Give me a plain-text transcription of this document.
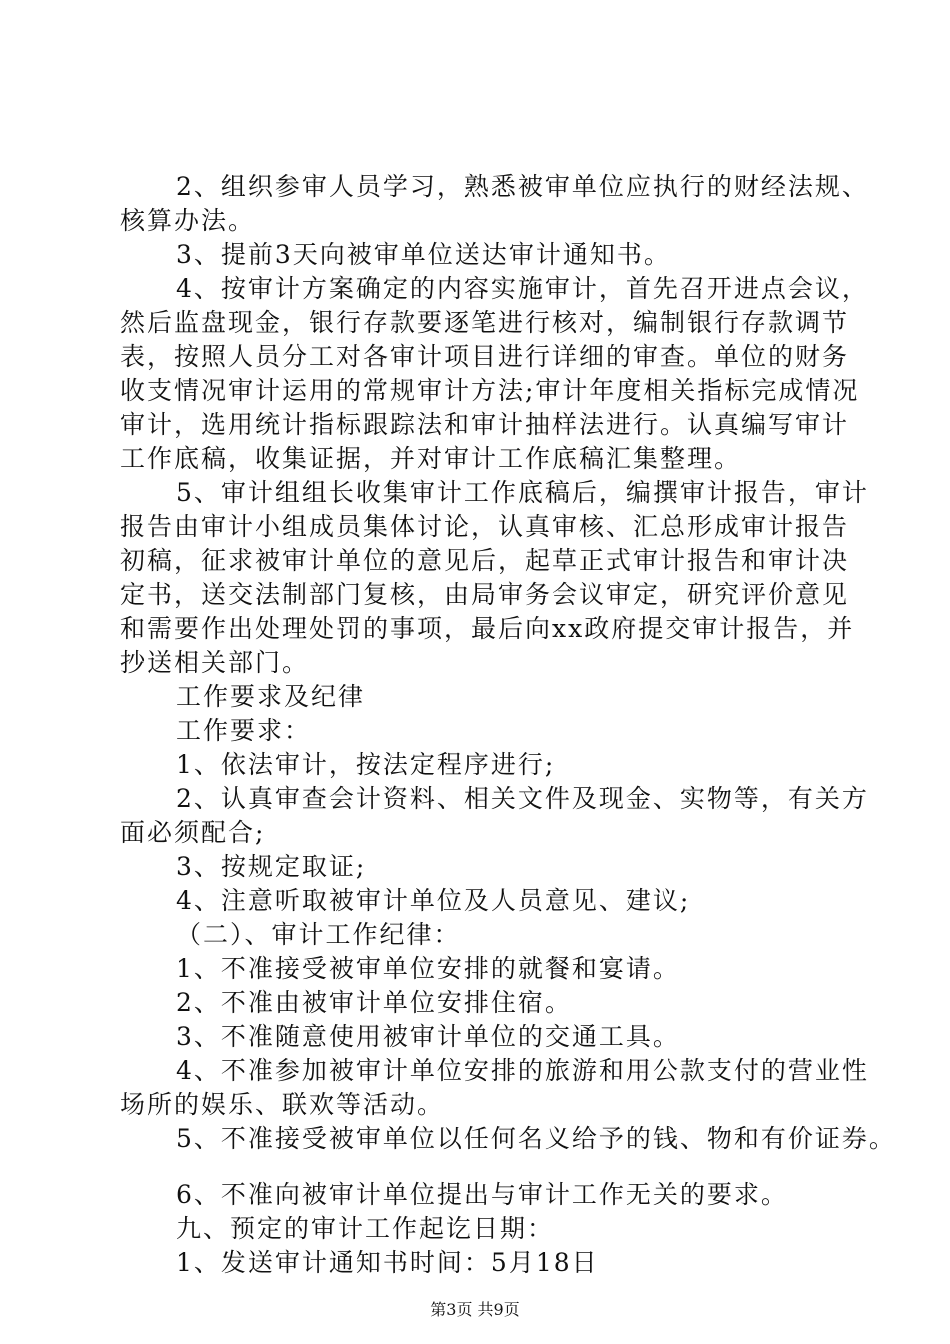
2、组织参审人员学习，熟悉被审单位应执行的财经法规、
核算办法。
3、提前3天向被审单位送达审计通知书。
4、按审计方案确定的内容实施审计，首先召开进点会议，
然后监盘现金，银行存款要逐笔进行核对，编制银行存款调节
表，按照人员分工对各审计项目进行详细的审查。单位的财务
收支情况审计运用的常规审计方法;审计年度相关指标完成情况
审计，选用统计指标跟踪法和审计抽样法进行。认真编写审计
工作底稿，收集证据，并对审计工作底稿汇集整理。
5、审计组组长收集审计工作底稿后，编撰审计报告，审计
报告由审计小组成员集体讨论，认真审核、汇总形成审计报告
初稿，征求被审计单位的意见后，起草正式审计报告和审计决
定书，送交法制部门复核，由局审务会议审定，研究评价意见
和需要作出处理处罚的事项，最后向xx政府提交审计报告，并
抄送相关部门。
工作要求及纪律
工作要求：
1、依法审计，按法定程序进行;
2、认真审查会计资料、相关文件及现金、实物等，有关方
面必须配合;
3、按规定取证;
4、注意听取被审计单位及人员意见、建议;
（二）、审计工作纪律：
1、不准接受被审单位安排的就餐和宴请。
2、不准由被审计单位安排住宿。
3、不准随意使用被审计单位的交通工具。
4、不准参加被审计单位安排的旅游和用公款支付的营业性
场所的娱乐、联欢等活动。
5、不准接受被审单位以任何名义给予的钱、物和有价证券。
6、不准向被审计单位提出与审计工作无关的要求。
九、预定的审计工作起讫日期：
1、发送审计通知书时间：5月18日
第3页 共9页
